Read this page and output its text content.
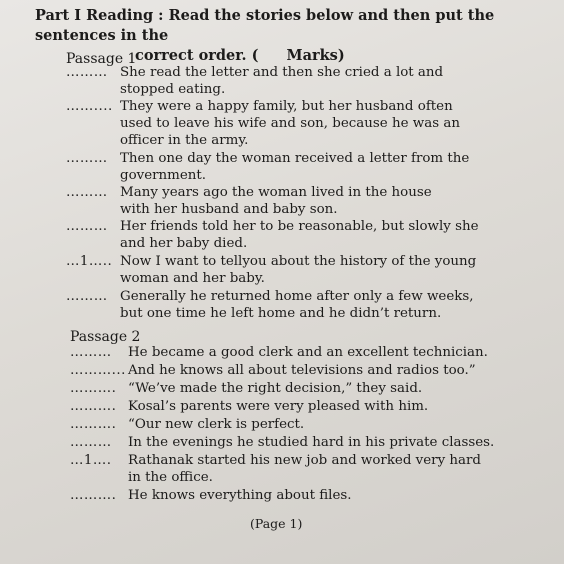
Part I Reading : Read the stories below and then put the sentences in the
correct order. ( Marks)
Passage 1
……… She read the letter and then she cried a lot and
stopped eating.
…….... They were a happy family, but her husband often
used to leave his wife and son, because he was an
officer in the army.
……… Then one day the woman received a letter from the
government.
……… Many years ago the woman lived in the house
with her husband and baby son.
……… Her friends told her to be reasonable, but slowly she
and her baby died.
…1….. Now I want to tellyou about the history of the young
woman and her baby.
……… Generally he returned home after only a few weeks,
but one time he left home and he didn’t return.
Passage 2
……… He became a good clerk and an excellent technician.
………... And he knows all about televisions and radios too.”
………. “We’ve made the right decision,” they said.
………. Kosal’s parents were very pleased with him.
………. “Our new clerk is perfect.
……… In the evenings he studied hard in his private classes.
…1…. Rathanak started his new job and worked very hard
in the office.
………. He knows everything about files.
(Page 1)
